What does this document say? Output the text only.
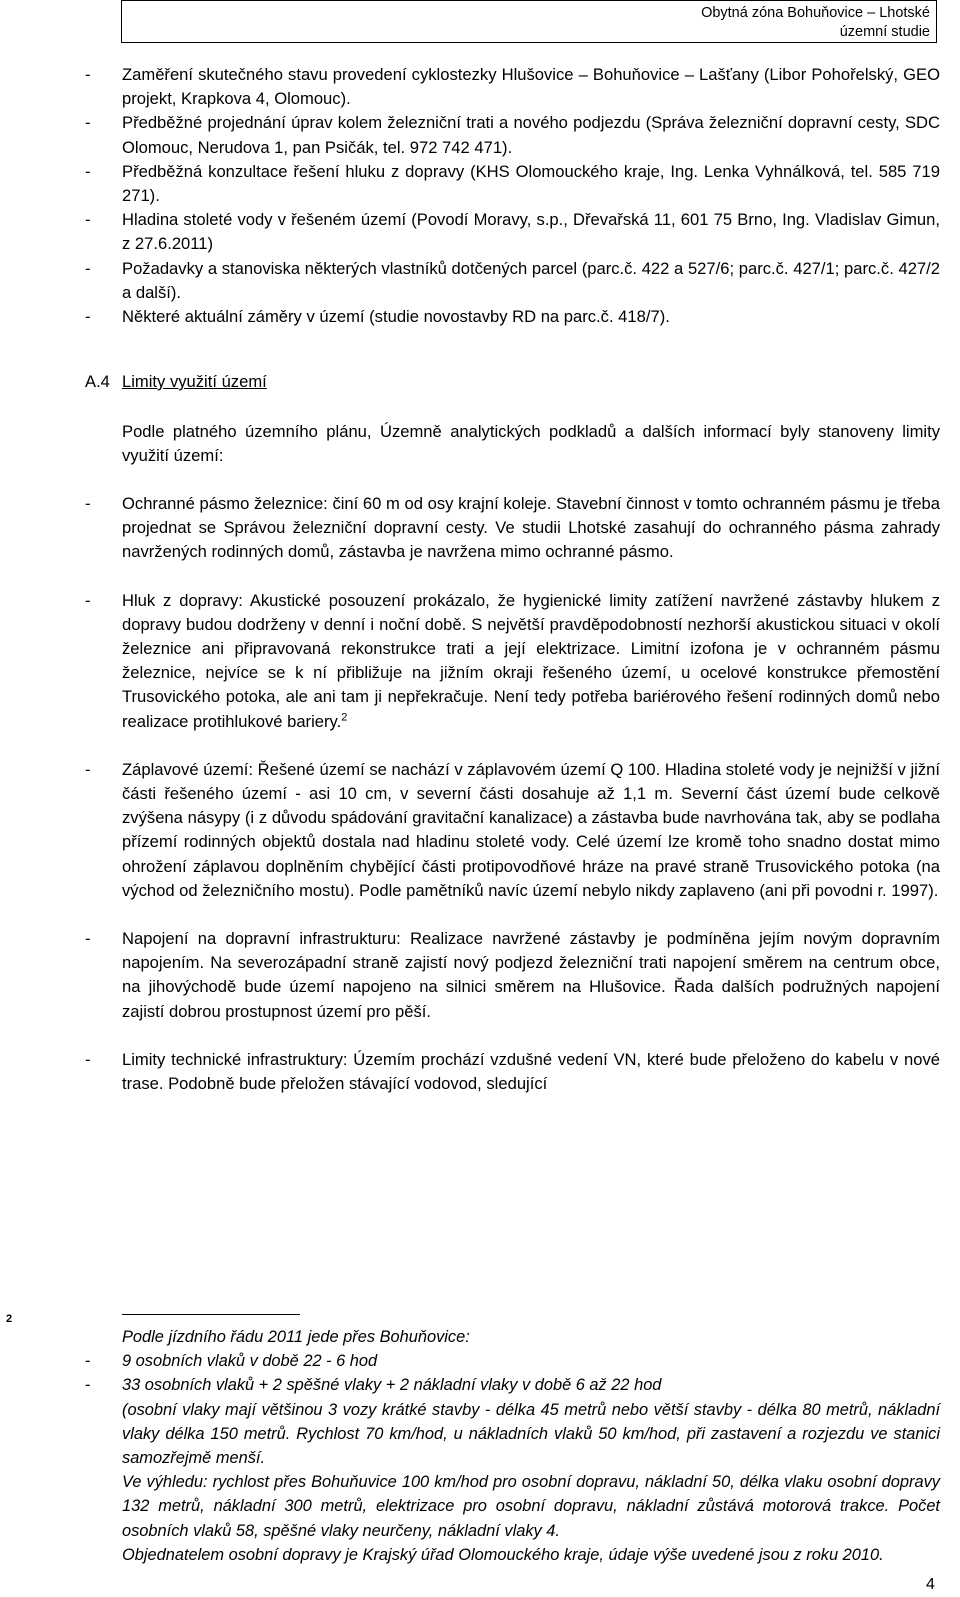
Obytná zóna Bohuňovice – Lhotské
územní studie
-	Zaměření skutečného stavu provedení cyklostezky Hlušovice – Bohuňovice – Lašťany (Libor Pohořelský, GEO projekt, Krapkova 4, Olomouc).
-	Předběžné projednání úprav kolem železniční trati a nového podjezdu (Správa železniční dopravní cesty, SDC Olomouc, Nerudova 1, pan Psičák, tel. 972 742 471).
-	Předběžná konzultace řešení hluku z dopravy (KHS Olomouckého kraje, Ing. Lenka Vyhnálková, tel. 585 719 271).
-	Hladina stoleté vody v řešeném území (Povodí Moravy, s.p., Dřevařská 11, 601 75 Brno, Ing. Vladislav Gimun, z 27.6.2011)
-	Požadavky a stanoviska některých vlastníků dotčených parcel (parc.č. 422 a 527/6; parc.č. 427/1; parc.č. 427/2 a další).
-	Některé aktuální záměry v území (studie novostavby RD na parc.č. 418/7).
A.4 Limity využití území
Podle platného územního plánu, Územně analytických podkladů a dalších informací byly stanoveny limity využití území:
-	Ochranné pásmo železnice: činí 60 m od osy krajní koleje. Stavební činnost v tomto ochranném pásmu je třeba projednat se Správou železniční dopravní cesty. Ve studii Lhotské zasahují do ochranného pásma zahrady navržených rodinných domů, zástavba je navržena mimo ochranné pásmo.
-	Hluk z dopravy: Akustické posouzení prokázalo, že hygienické limity zatížení navržené zástavby hlukem z dopravy budou dodrženy v denní i noční době. S největší pravděpodobností nezhorší akustickou situaci v okolí železnice ani připravovaná rekonstrukce trati a její elektrizace. Limitní izofona je v ochranném pásmu železnice, nejvíce se k ní přibližuje na jižním okraji řešeného území, u ocelové konstrukce přemostění Trusovického potoka, ale ani tam ji nepřekračuje. Není tedy potřeba bariérového řešení rodinných domů nebo realizace protihlukové bariery.$^2$
-	Záplavové území: Řešené území se nachází v záplavovém území Q 100. Hladina stoleté vody je nejnižší v jižní části řešeného území - asi 10 cm, v severní části dosahuje až 1,1 m. Severní část území bude celkově zvýšena násypy (i z důvodu spádování gravitační kanalizace) a zástavba bude navrhována tak, aby se podlaha přízemí rodinných objektů dostala nad hladinu stoleté vody. Celé území lze kromě toho snadno dostat mimo ohrožení záplavou doplněním chybějící části protipovodňové hráze na pravé straně Trusovického potoka (na východ od železničního mostu). Podle pamětníků navíc území nebylo nikdy zaplaveno (ani při povodni r. 1997).
-	Napojení na dopravní infrastrukturu: Realizace navržené zástavby je podmíněna jejím novým dopravním napojením. Na severozápadní straně zajistí nový podjezd železniční trati napojení směrem na centrum obce, na jihovýchodě bude území napojeno na silnici směrem na Hlušovice. Řada dalších podružných napojení zajistí dobrou prostupnost území pro pěší.
-	Limity technické infrastruktury: Územím prochází vzdušné vedení VN, které bude přeloženo do kabelu v nové trase. Podobně bude přeložen stávající vodovod, sledující
2
Podle jízdního řádu 2011 jede přes Bohuňovice:
- 9 osobních vlaků v době 22 - 6 hod
- 33 osobních vlaků + 2 spěšné vlaky + 2 nákladní vlaky v době 6 až 22 hod
(osobní vlaky mají většinou 3 vozy krátké stavby - délka 45 metrů nebo větší stavby - délka 80 metrů, nákladní vlaky délka 150 metrů. Rychlost 70 km/hod, u nákladních vlaků 50 km/hod, při zastavení a rozjezdu ve stanici samozřejmě menší.
Ve výhledu: rychlost přes Bohuňuvice 100 km/hod pro osobní dopravu, nákladní 50, délka vlaku osobní dopravy 132 metrů, nákladní 300 metrů, elektrizace pro osobní dopravu, nákladní zůstává motorová trakce. Počet osobních vlaků 58, spěšné vlaky neurčeny, nákladní vlaky 4.
Objednatelem osobní dopravy je Krajský úřad Olomouckého kraje, údaje výše uvedené jsou z roku 2010.
4
